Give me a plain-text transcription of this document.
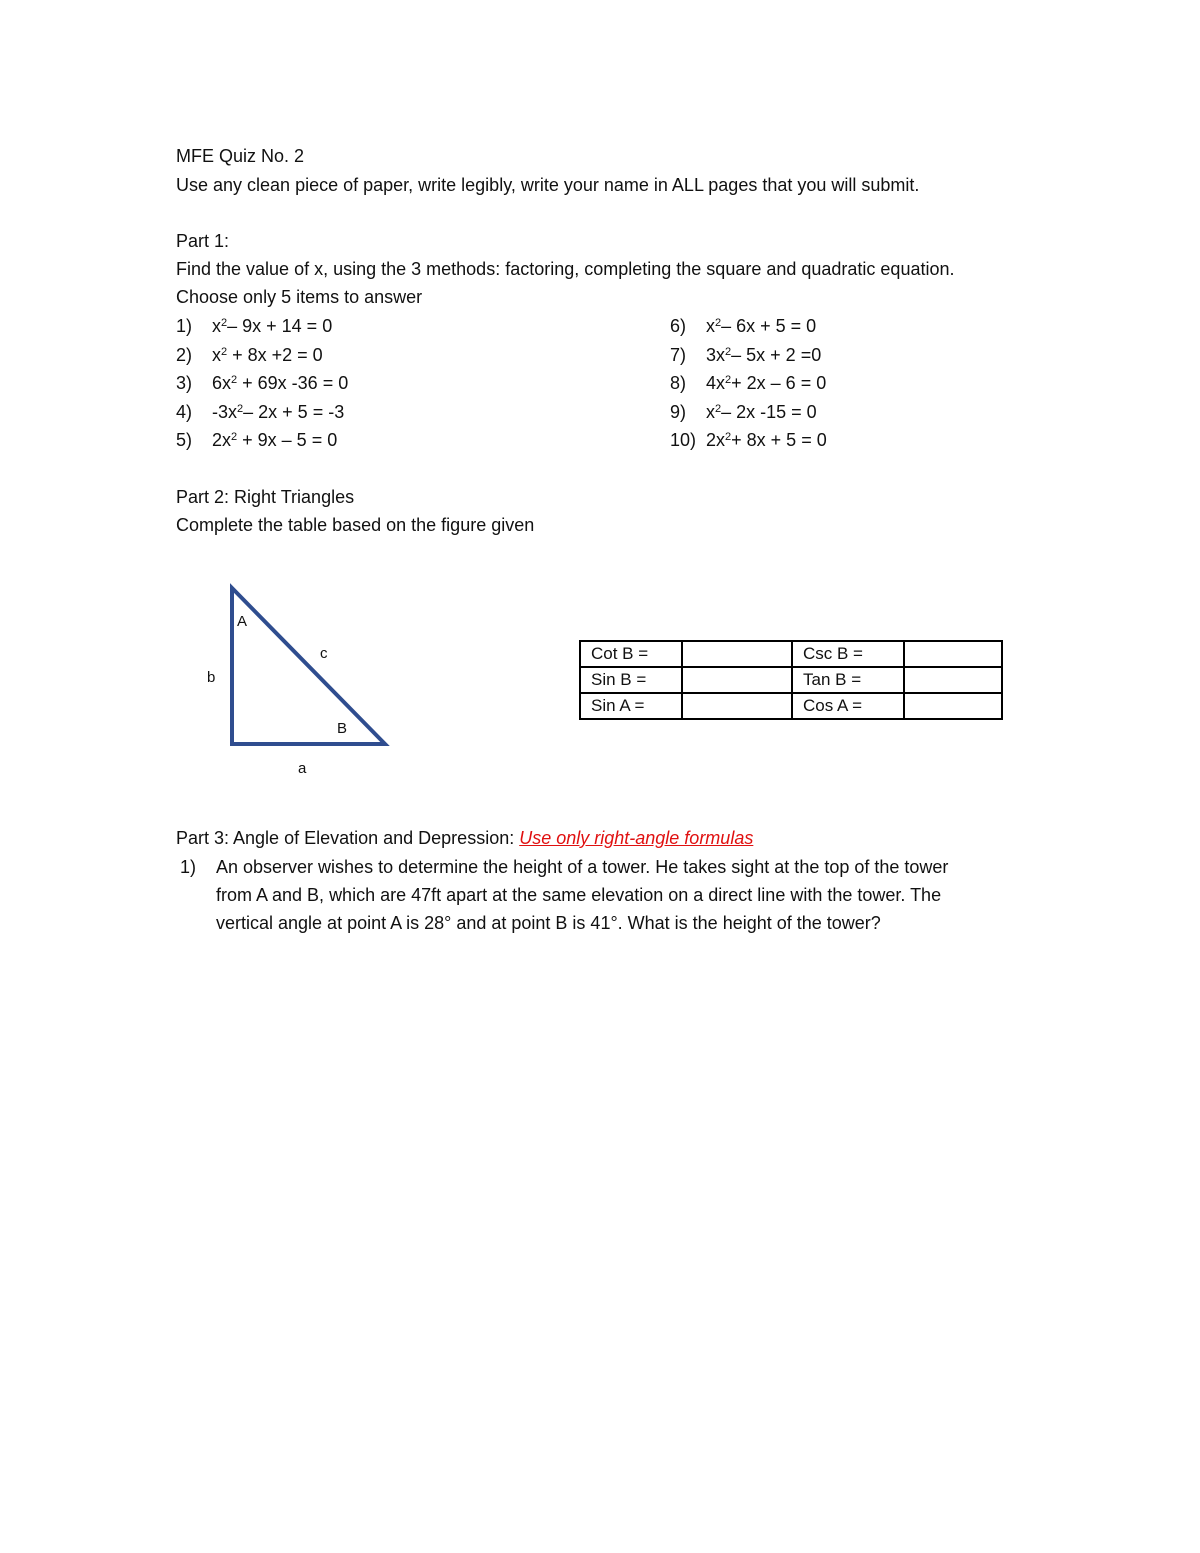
MFE Quiz No. 2
Use any clean piece of paper, write legibly, write your name in ALL pages that you will submit.
Part 1:
Find the value of x, using the 3 methods: factoring, completing the square and quadratic equation.
Choose only 5 items to answer
1) $x^2-$ 9x + 14 = 0
2) $x^2 + 8x +2 = 0$
3) $6x^2 + 69x$ -36 = 0
4) $-3x^2-$ 2x + 5 = -3
5) $2x^2 + 9x - 5 = 0$
6) $x^2-$ 6x + 5 = 0
7) $3x^2-$ 5x + 2 =0
8) $4x^2+ 2x - 6 = 0$
9) $x^2-$ 2x -15 = 0
10) $2x^2+ 8x + 5 = 0$
Part 2: Right Triangles
Complete the table based on the figure given
A
c
b
B
a
Cot B =		Csc B =	
Sin B =		Tan B =	
Sin A =		Cos A =	
Part 3: Angle of Elevation and Depression: Use only right-angle formulas
1) An observer wishes to determine the height of a tower. He takes sight at the top of the tower
from A and B, which are 47ft apart at the same elevation on a direct line with the tower. The
vertical angle at point A is 28° and at point B is 41°. What is the height of the tower?
